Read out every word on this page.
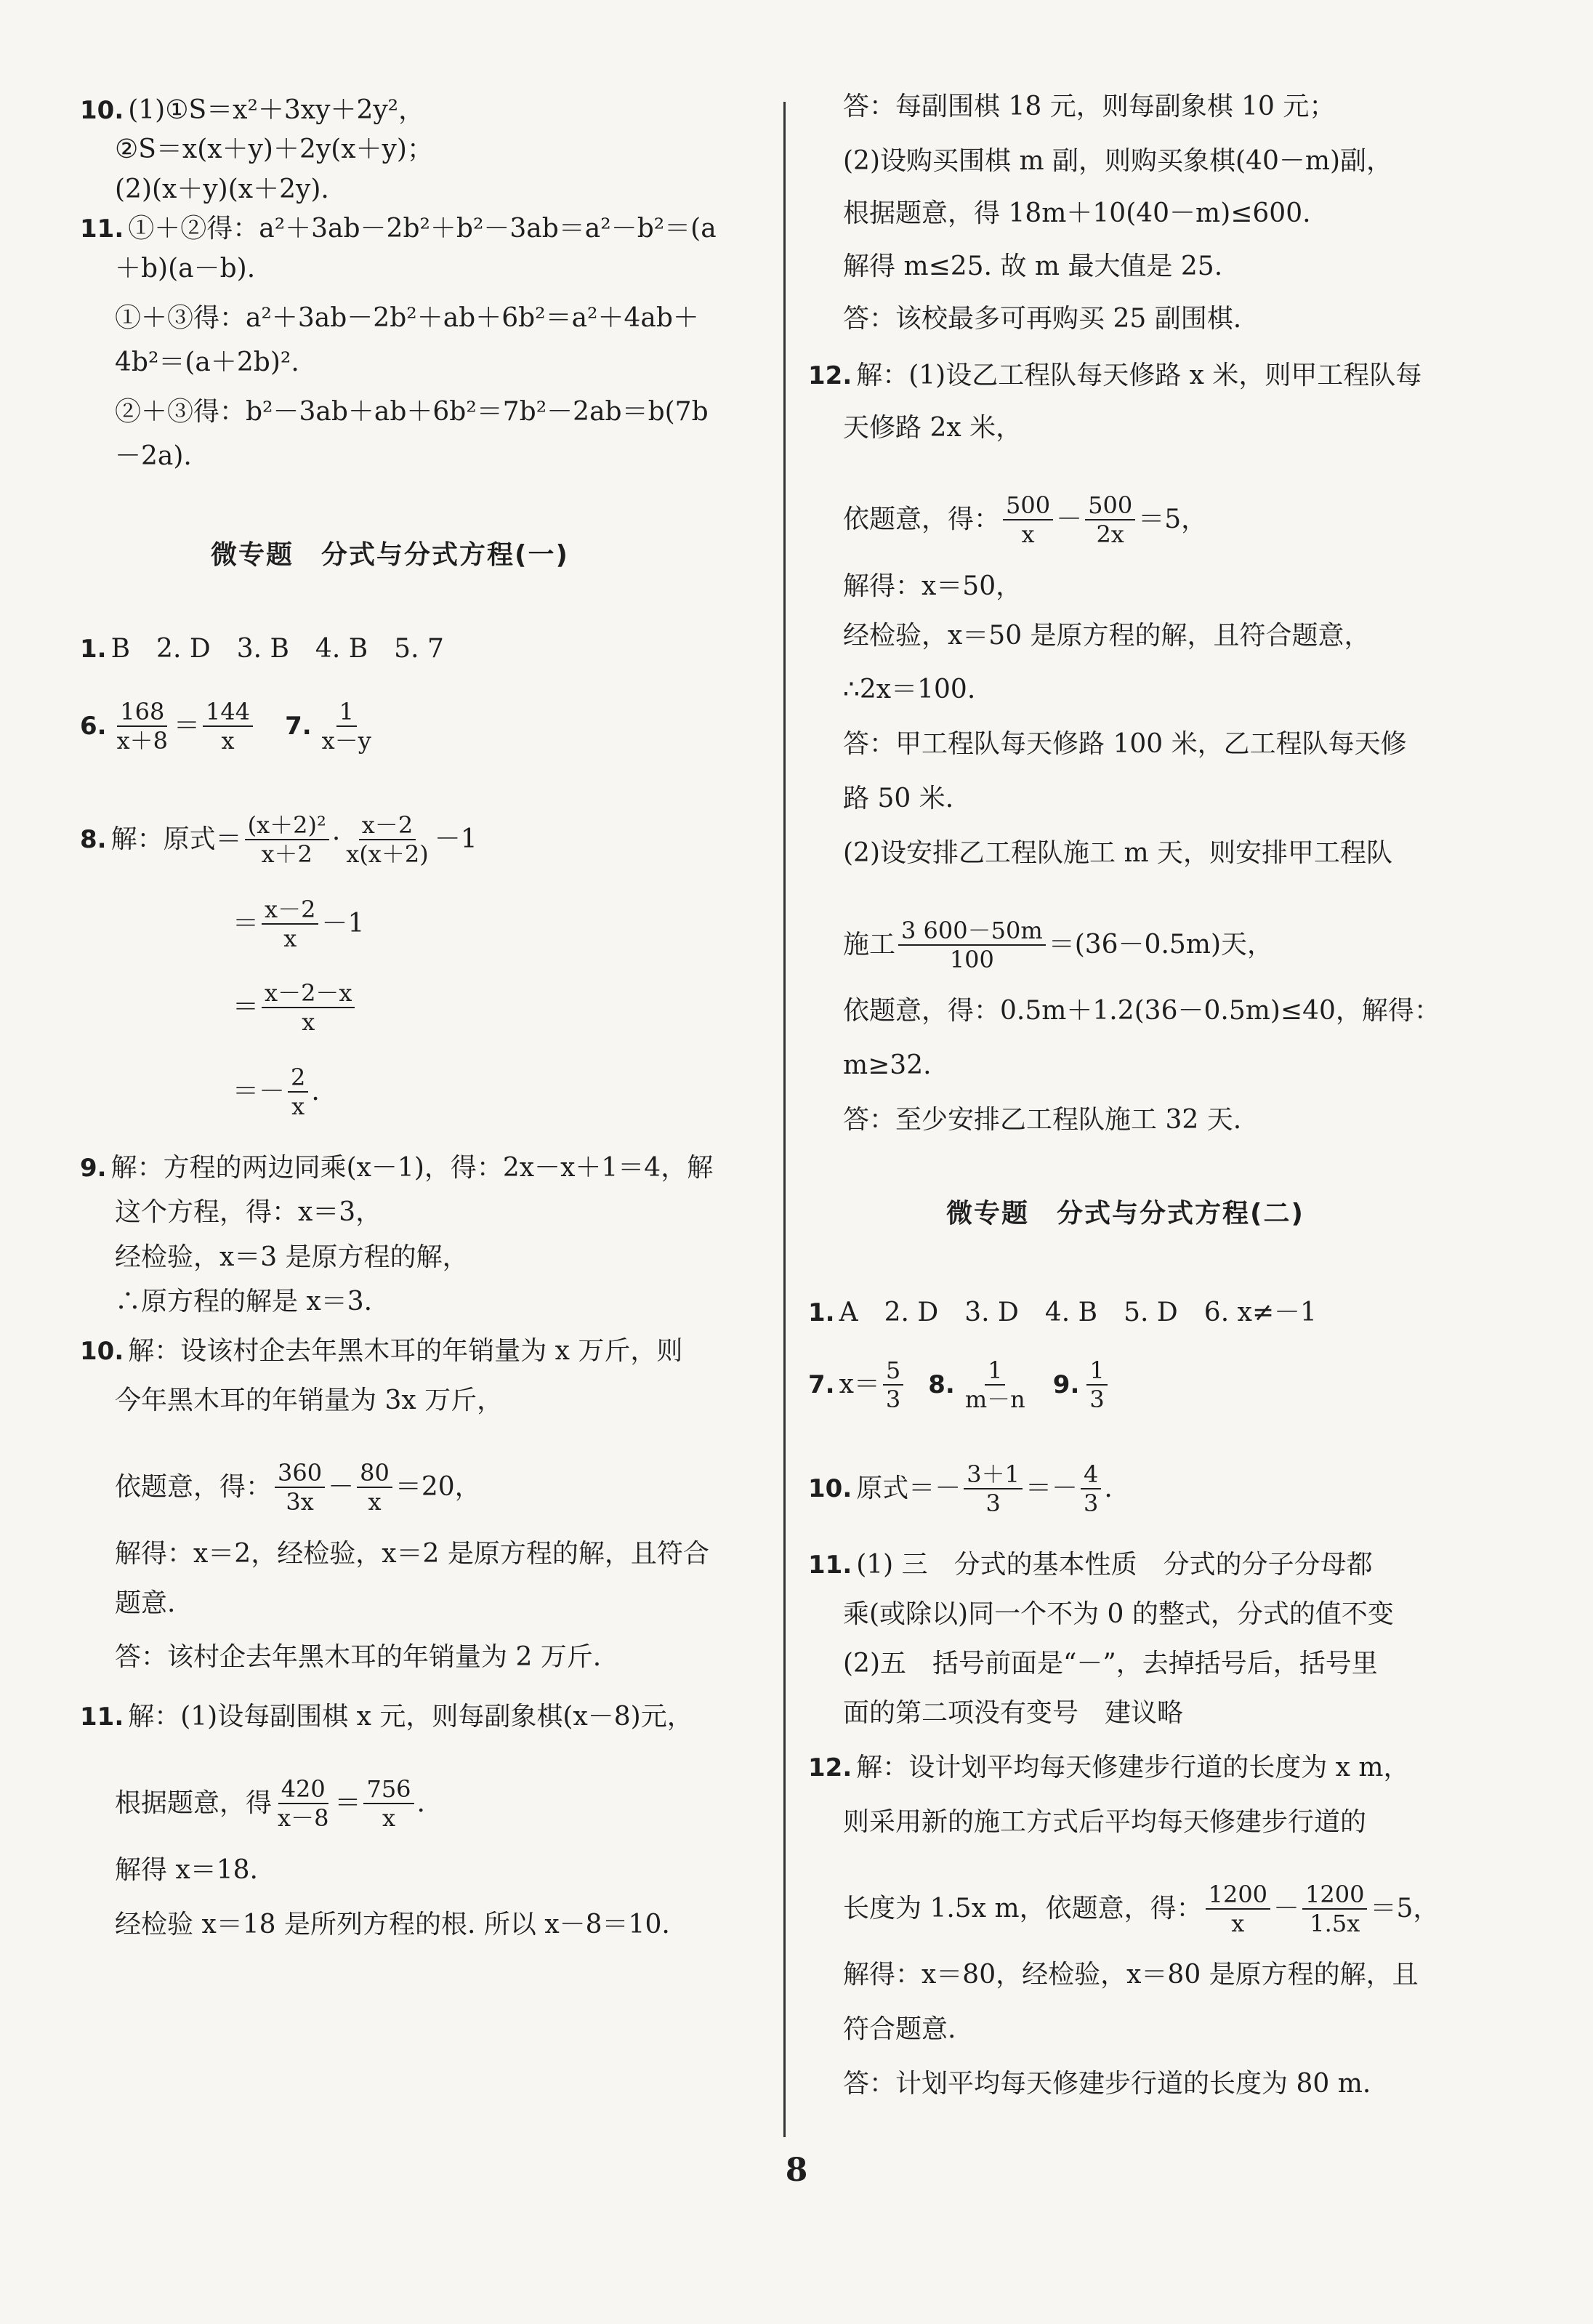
10. (1)①S＝x²＋3xy＋2y²，
②S＝x(x＋y)＋2y(x＋y)；
(2)(x＋y)(x＋2y).
11. ①＋②得：a²＋3ab－2b²＋b²－3ab＝a²－b²＝(a
＋b)(a－b).
①＋③得：a²＋3ab－2b²＋ab＋6b²＝a²＋4ab＋
4b²＝(a＋2b)².
②＋③得：b²－3ab＋ab＋6b²＝7b²－2ab＝b(7b
－2a).
微专题　分式与分式方程(一)
1. B　2. D　3. B　4. B　5. 7
6. $\frac{168}{x+8} = \frac{144}{x} 7$. $\frac{1}{x-y}$
8. 解：原式＝ $\frac{\text{(x＋2)²}}{x+2} \cdot \frac{x-2}{x(x+2)} -1$
＝ $\frac{x-2}{x} -1$
＝ $\frac{x-2-x}{x}$
＝－ $\frac{2}{x}$ .
9. 解：方程的两边同乘(x－1)，得：2x－x＋1＝4，解
这个方程，得：x＝3，
经检验，x＝3 是原方程的解，
∴原方程的解是 x＝3.
10. 解：设该村企去年黑木耳的年销量为 x 万斤，则
今年黑木耳的年销量为 3x 万斤，
依题意，得： $\frac{360}{3x} - \frac{80}{x} =20$，
解得：x＝2，经检验，x＝2 是原方程的解，且符合
题意.
答：该村企去年黑木耳的年销量为 2 万斤.
11. 解：(1)设每副围棋 x 元，则每副象棋(x－8)元，
根据题意，得 $\frac{420}{x-8} = \frac{756}{x}$ .
解得 x＝18.
经检验 x＝18 是所列方程的根. 所以 x－8＝10.
答：每副围棋 18 元，则每副象棋 10 元；
(2)设购买围棋 m 副，则购买象棋(40－m)副，
根据题意，得 18m＋10(40－m)≤600.
解得 m≤25. 故 m 最大值是 25.
答：该校最多可再购买 25 副围棋.
12. 解：(1)设乙工程队每天修路 x 米，则甲工程队每
天修路 2x 米，
依题意，得： $\frac{500}{x} - \frac{500}{2x} =5$，
解得：x＝50，
经检验，x＝50 是原方程的解，且符合题意，
∴2x＝100.
答：甲工程队每天修路 100 米，乙工程队每天修
路 50 米.
(2)设安排乙工程队施工 m 天，则安排甲工程队
施工 $\frac{3 600-50m}{100} =(36-0.5m)$天，
依题意，得：0.5m＋1.2(36－0.5m)≤40，解得：
m≥32.
答：至少安排乙工程队施工 32 天.
微专题　分式与分式方程(二)
1. A　2. D　3. D　4. B　5. D　6. x≠－1
7. $x= \frac{5}{3} 8$. $\frac{1}{m-n} 9$. $\frac{1}{3}$
10. 原式＝－ $\frac{3+1}{3} =- \frac{4}{3}$ .
11. (1) 三　分式的基本性质　分式的分子分母都
乘(或除以)同一个不为 0 的整式，分式的值不变
(2)五　括号前面是“－”，去掉括号后，括号里
面的第二项没有变号　建议略
12. 解：设计划平均每天修建步行道的长度为 x m，
则采用新的施工方式后平均每天修建步行道的
长度为 1.5x m，依题意，得： $\frac{1200}{x} - \frac{1200}{1.5x} =5$，
解得：x＝80，经检验，x＝80 是原方程的解，且
符合题意.
答：计划平均每天修建步行道的长度为 80 m.
8
